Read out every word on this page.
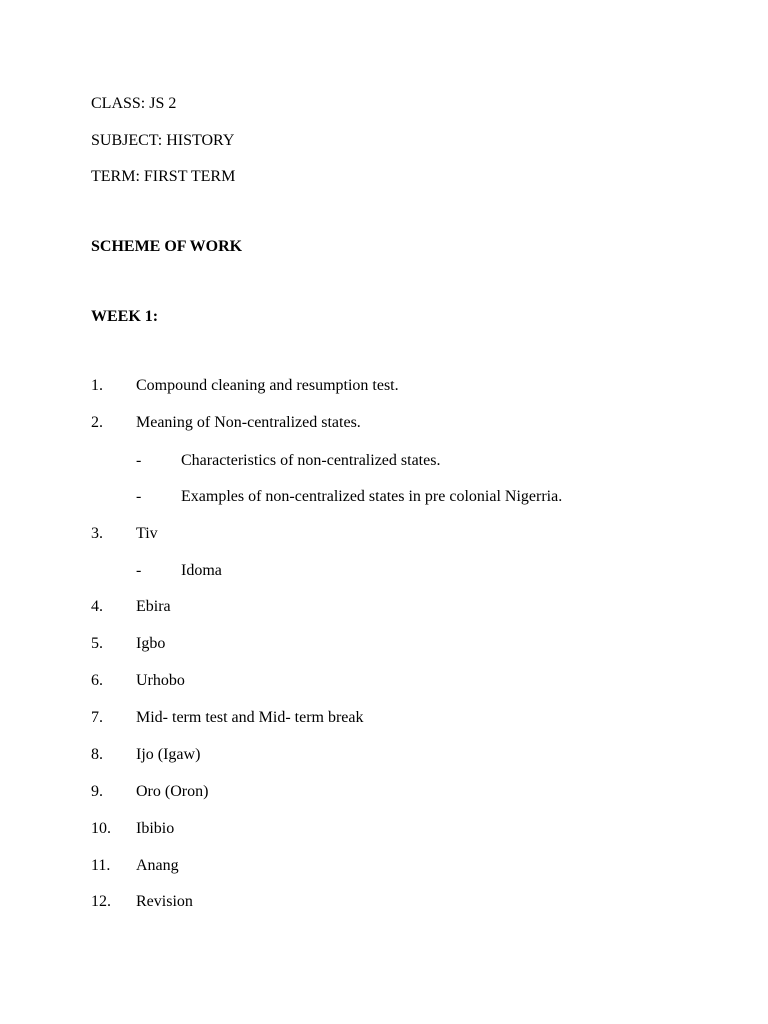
CLASS: JS 2
SUBJECT: HISTORY
TERM: FIRST TERM
SCHEME OF WORK
WEEK 1:
1. Compound cleaning and resumption test.
2. Meaning of Non-centralized states.
- Characteristics of non-centralized states.
- Examples of non-centralized states in pre colonial Nigerria.
3. Tiv
- Idoma
4. Ebira
5. Igbo
6. Urhobo
7. Mid- term test and Mid- term break
8. Ijo (Igaw)
9. Oro (Oron)
10. Ibibio
11. Anang
12. Revision
